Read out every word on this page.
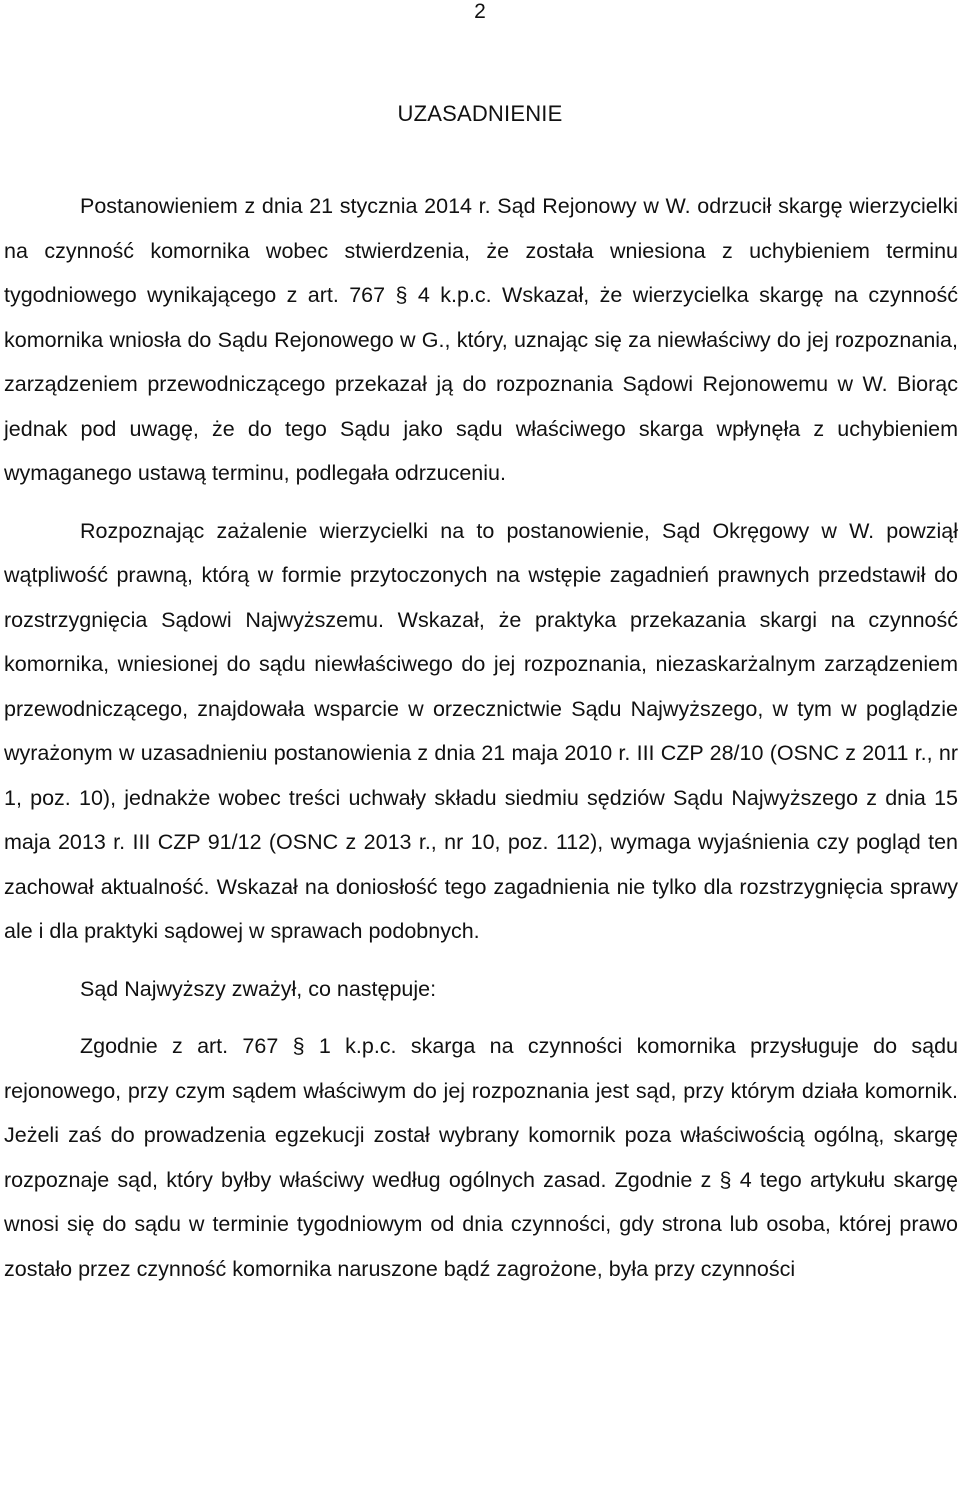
2
UZASADNIENIE

Postanowieniem z dnia 21 stycznia 2014 r. Sąd Rejonowy w W. odrzucił skargę wierzycielki na czynność komornika wobec stwierdzenia, że została wniesiona z uchybieniem terminu tygodniowego wynikającego z art. 767 § 4 k.p.c. Wskazał, że wierzycielka skargę na czynność komornika wniosła do Sądu Rejonowego w G., który, uznając się za niewłaściwy do jej rozpoznania, zarządzeniem przewodniczącego przekazał ją do rozpoznania Sądowi Rejonowemu w W. Biorąc jednak pod uwagę, że do tego Sądu jako sądu właściwego skarga wpłynęła z uchybieniem wymaganego ustawą terminu, podlegała odrzuceniu.

Rozpoznając zażalenie wierzycielki na to postanowienie, Sąd Okręgowy w W. powziął wątpliwość prawną, którą w formie przytoczonych na wstępie zagadnień prawnych przedstawił do rozstrzygnięcia Sądowi Najwyższemu. Wskazał, że praktyka przekazania skargi na czynność komornika, wniesionej do sądu niewłaściwego do jej rozpoznania, niezaskarżalnym zarządzeniem przewodniczącego, znajdowała wsparcie w orzecznictwie Sądu Najwyższego, w tym w poglądzie wyrażonym w uzasadnieniu postanowienia z dnia 21 maja 2010 r. III CZP 28/10 (OSNC z 2011 r., nr 1, poz. 10), jednakże wobec treści uchwały składu siedmiu sędziów Sądu Najwyższego z dnia 15 maja 2013 r. III CZP 91/12 (OSNC z 2013 r., nr 10, poz. 112), wymaga wyjaśnienia czy pogląd ten zachował aktualność. Wskazał na doniosłość tego zagadnienia nie tylko dla rozstrzygnięcia sprawy ale i dla praktyki sądowej w sprawach podobnych.

Sąd Najwyższy zważył, co następuje:

Zgodnie z art. 767 § 1 k.p.c. skarga na czynności komornika przysługuje do sądu rejonowego, przy czym sądem właściwym do jej rozpoznania jest sąd, przy którym działa komornik. Jeżeli zaś do prowadzenia egzekucji został wybrany komornik poza właściwością ogólną, skargę rozpoznaje sąd, który byłby właściwy według ogólnych zasad. Zgodnie z § 4 tego artykułu skargę wnosi się do sądu w terminie tygodniowym od dnia czynności, gdy strona lub osoba, której prawo zostało przez czynność komornika naruszone bądź zagrożone, była przy czynności
